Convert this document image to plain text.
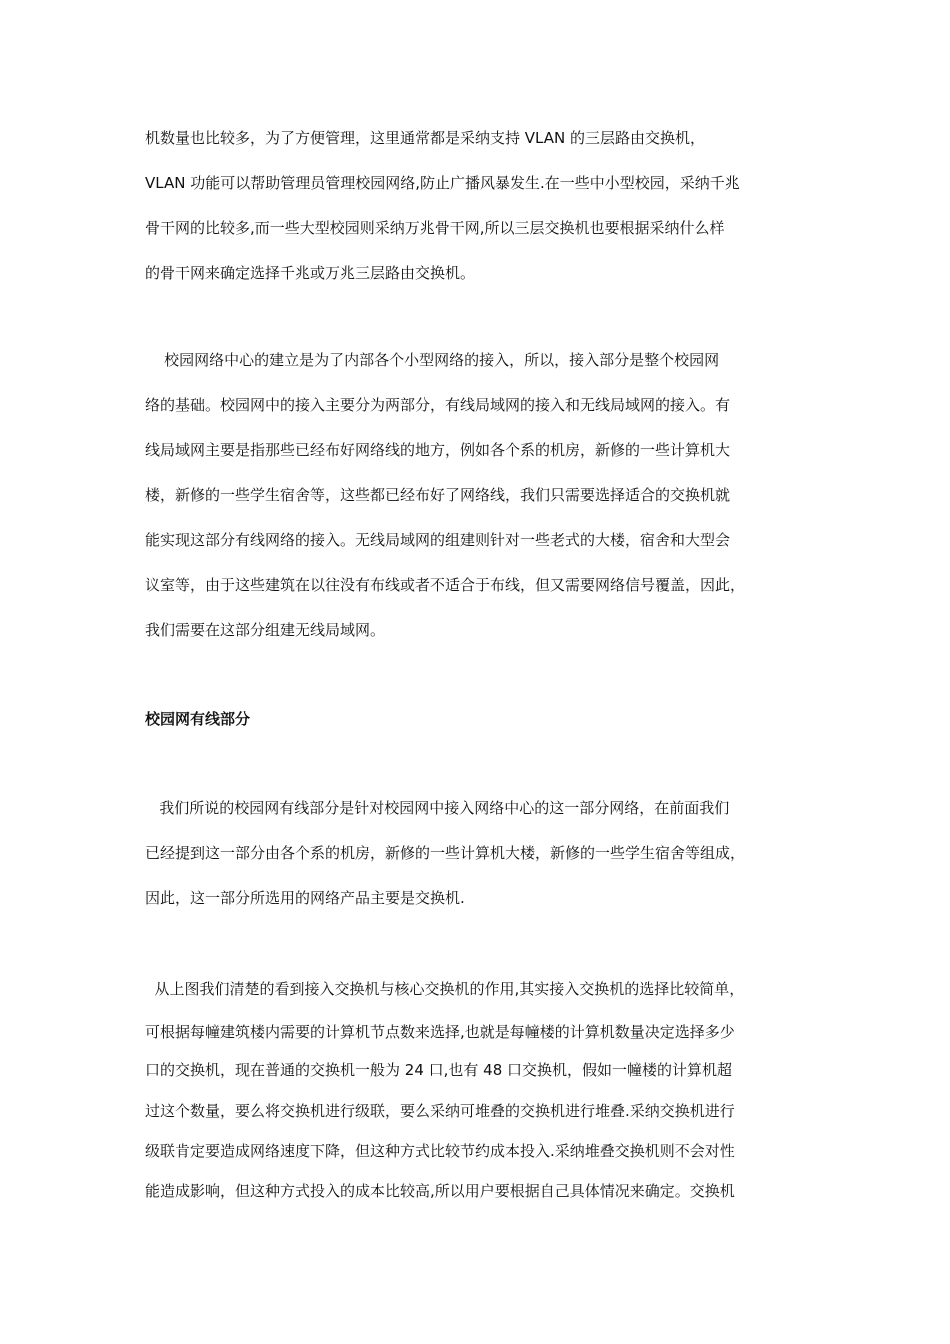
机数量也比较多，为了方便管理，这里通常都是采纳支持 VLAN 的三层路由交换机，
VLAN 功能可以帮助管理员管理校园网络,防止广播风暴发生.在一些中小型校园，采纳千兆
骨干网的比较多,而一些大型校园则采纳万兆骨干网,所以三层交换机也要根据采纳什么样
的骨干网来确定选择千兆或万兆三层路由交换机。
校园网络中心的建立是为了内部各个小型网络的接入，所以，接入部分是整个校园网
络的基础。校园网中的接入主要分为两部分，有线局域网的接入和无线局域网的接入。有
线局域网主要是指那些已经布好网络线的地方，例如各个系的机房，新修的一些计算机大
楼，新修的一些学生宿舍等，这些都已经布好了网络线，我们只需要选择适合的交换机就
能实现这部分有线网络的接入。无线局域网的组建则针对一些老式的大楼，宿舍和大型会
议室等，由于这些建筑在以往没有布线或者不适合于布线，但又需要网络信号覆盖，因此，
我们需要在这部分组建无线局域网。
校园网有线部分
我们所说的校园网有线部分是针对校园网中接入网络中心的这一部分网络，在前面我们
已经提到这一部分由各个系的机房，新修的一些计算机大楼，新修的一些学生宿舍等组成，
因此，这一部分所选用的网络产品主要是交换机.
从上图我们清楚的看到接入交换机与核心交换机的作用,其实接入交换机的选择比较简单，
可根据每幢建筑楼内需要的计算机节点数来选择,也就是每幢楼的计算机数量决定选择多少
口的交换机，现在普通的交换机一般为 24 口,也有 48 口交换机，假如一幢楼的计算机超
过这个数量，要么将交换机进行级联，要么采纳可堆叠的交换机进行堆叠.采纳交换机进行
级联肯定要造成网络速度下降，但这种方式比较节约成本投入.采纳堆叠交换机则不会对性
能造成影响，但这种方式投入的成本比较高,所以用户要根据自己具体情况来确定。交换机
